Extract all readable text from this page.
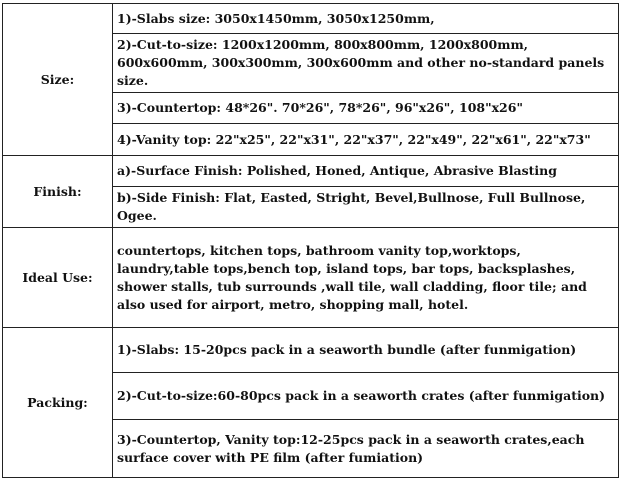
Size:	1)-Slabs size: 3050x1450mm, 3050x1250mm,
	2)-Cut-to-size: 1200x1200mm, 800x800mm, 1200x800mm, 600x600mm, 300x300mm, 300x600mm and other no-standard panels size.
	3)-Countertop: 48*26". 70*26", 78*26", 96"x26", 108"x26"
	4)-Vanity top: 22"x25", 22"x31", 22"x37", 22"x49", 22"x61", 22"x73"
Finish:	a)-Surface Finish: Polished, Honed, Antique, Abrasive Blasting
	b)-Side Finish: Flat, Easted, Stright, Bevel,Bullnose, Full Bullnose, Ogee.
Ideal Use:	countertops, kitchen tops, bathroom vanity top,worktops, laundry,table tops,bench top, island tops, bar tops, backsplashes, shower stalls, tub surrounds ,wall tile, wall cladding, floor tile; and also used for airport, metro, shopping mall, hotel.
Packing:	1)-Slabs: 15-20pcs pack in a seaworth bundle (after funmigation)
	2)-Cut-to-size:60-80pcs pack in a seaworth crates (after funmigation)
	3)-Countertop, Vanity top:12-25pcs pack in a seaworth crates,each surface cover with PE film (after fumiation)
